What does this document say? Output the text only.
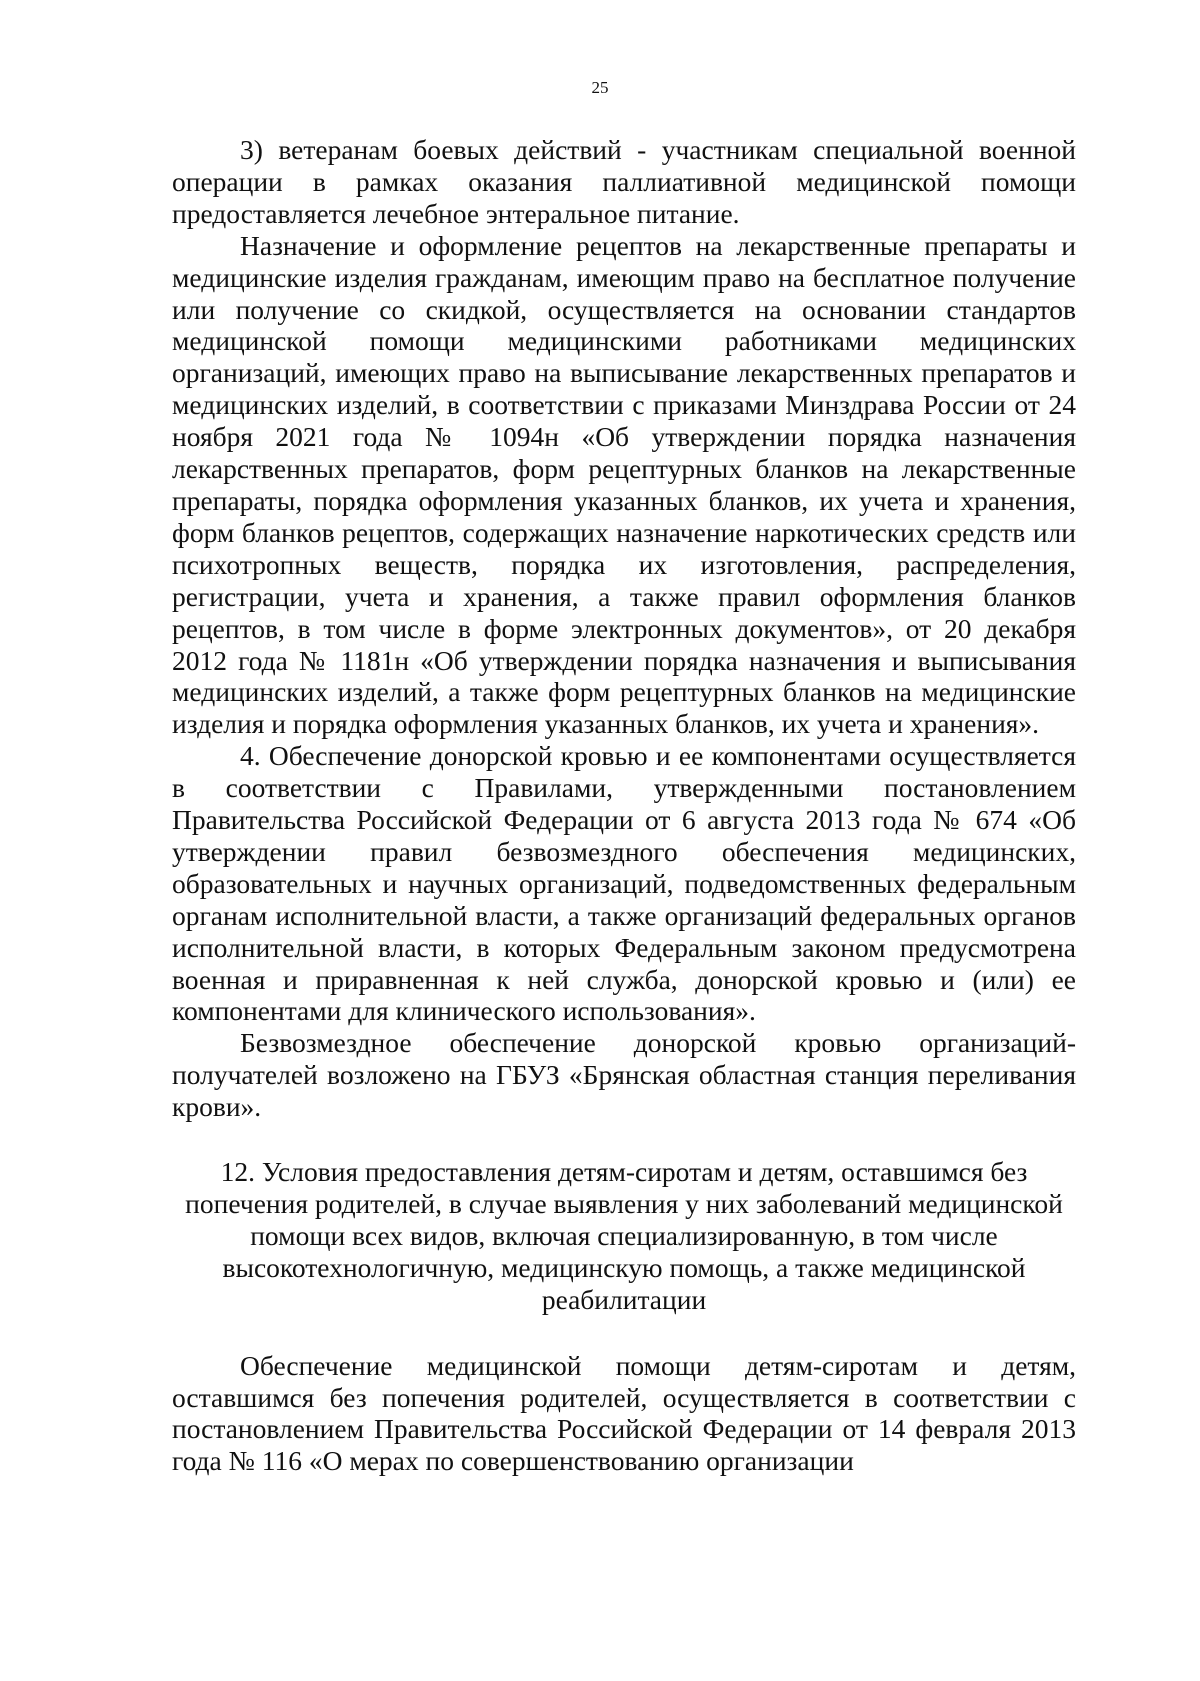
25

3) ветеранам боевых действий - участникам специальной военной операции в рамках оказания паллиативной медицинской помощи предоставляется лечебное энтеральное питание.

Назначение и оформление рецептов на лекарственные препараты и медицинские изделия гражданам, имеющим право на бесплатное получение или получение со скидкой, осуществляется на основании стандартов медицинской помощи медицинскими работниками медицинских организаций, имеющих право на выписывание лекарственных препаратов и медицинских изделий, в соответствии с приказами Минздрава России от 24 ноября 2021 года № 1094н «Об утверждении порядка назначения лекарственных препаратов, форм рецептурных бланков на лекарственные препараты, порядка оформления указанных бланков, их учета и хранения, форм бланков рецептов, содержащих назначение наркотических средств или психотропных веществ, порядка их изготовления, распределения, регистрации, учета и хранения, а также правил оформления бланков рецептов, в том числе в форме электронных документов», от 20 декабря 2012 года № 1181н «Об утверждении порядка назначения и выписывания медицинских изделий, а также форм рецептурных бланков на медицинские изделия и порядка оформления указанных бланков, их учета и хранения».

4. Обеспечение донорской кровью и ее компонентами осуществляется в соответствии с Правилами, утвержденными постановлением Правительства Российской Федерации от 6 августа 2013 года № 674 «Об утверждении правил безвозмездного обеспечения медицинских, образовательных и научных организаций, подведомственных федеральным органам исполнительной власти, а также организаций федеральных органов исполнительной власти, в которых Федеральным законом предусмотрена военная и приравненная к ней служба, донорской кровью и (или) ее компонентами для клинического использования».

Безвозмездное обеспечение донорской кровью организаций-получателей возложено на ГБУЗ «Брянская областная станция переливания крови».

12. Условия предоставления детям-сиротам и детям, оставшимся без попечения родителей, в случае выявления у них заболеваний медицинской помощи всех видов, включая специализированную, в том числе высокотехнологичную, медицинскую помощь, а также медицинской реабилитации

Обеспечение медицинской помощи детям-сиротам и детям, оставшимся без попечения родителей, осуществляется в соответствии с постановлением Правительства Российской Федерации от 14 февраля 2013 года № 116 «О мерах по совершенствованию организации
